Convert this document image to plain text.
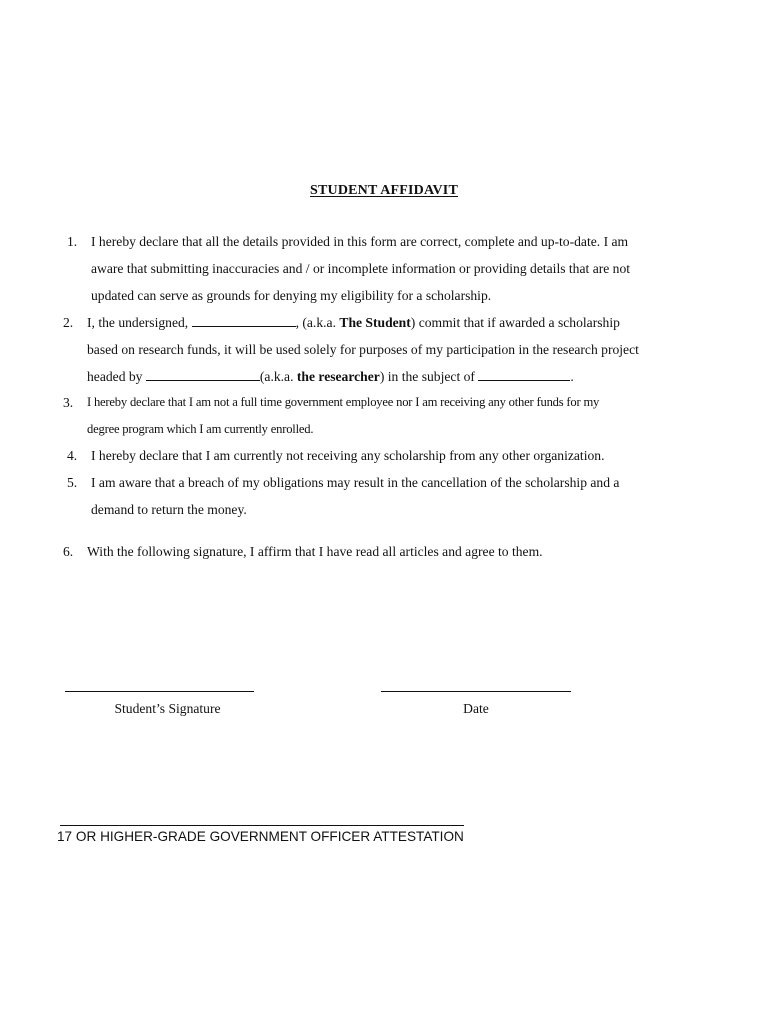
STUDENT AFFIDAVIT
1. I hereby declare that all the details provided in this form are correct, complete and up-to-date. I am
aware that submitting inaccuracies and / or incomplete information or providing details that are not
updated can serve as grounds for denying my eligibility for a scholarship.
2. I, the undersigned,	, (a.k.a. The Student) commit that if awarded a scholarship
based on research funds, it will be used solely for purposes of my participation in the research project
headed by	(a.k.a. the researcher) in the subject of	.
3. I hereby declare that I am not a full time government employee nor I am receiving any other funds for my
degree program which I am currently enrolled.
4. I hereby declare that I am currently not receiving any scholarship from any other organization.
5. I am aware that a breach of my obligations may result in the cancellation of the scholarship and a
demand to return the money.
6. With the following signature, I affirm that I have read all articles and agree to them.
Student’s Signature	Date
17 OR HIGHER-GRADE GOVERNMENT OFFICER ATTESTATION
